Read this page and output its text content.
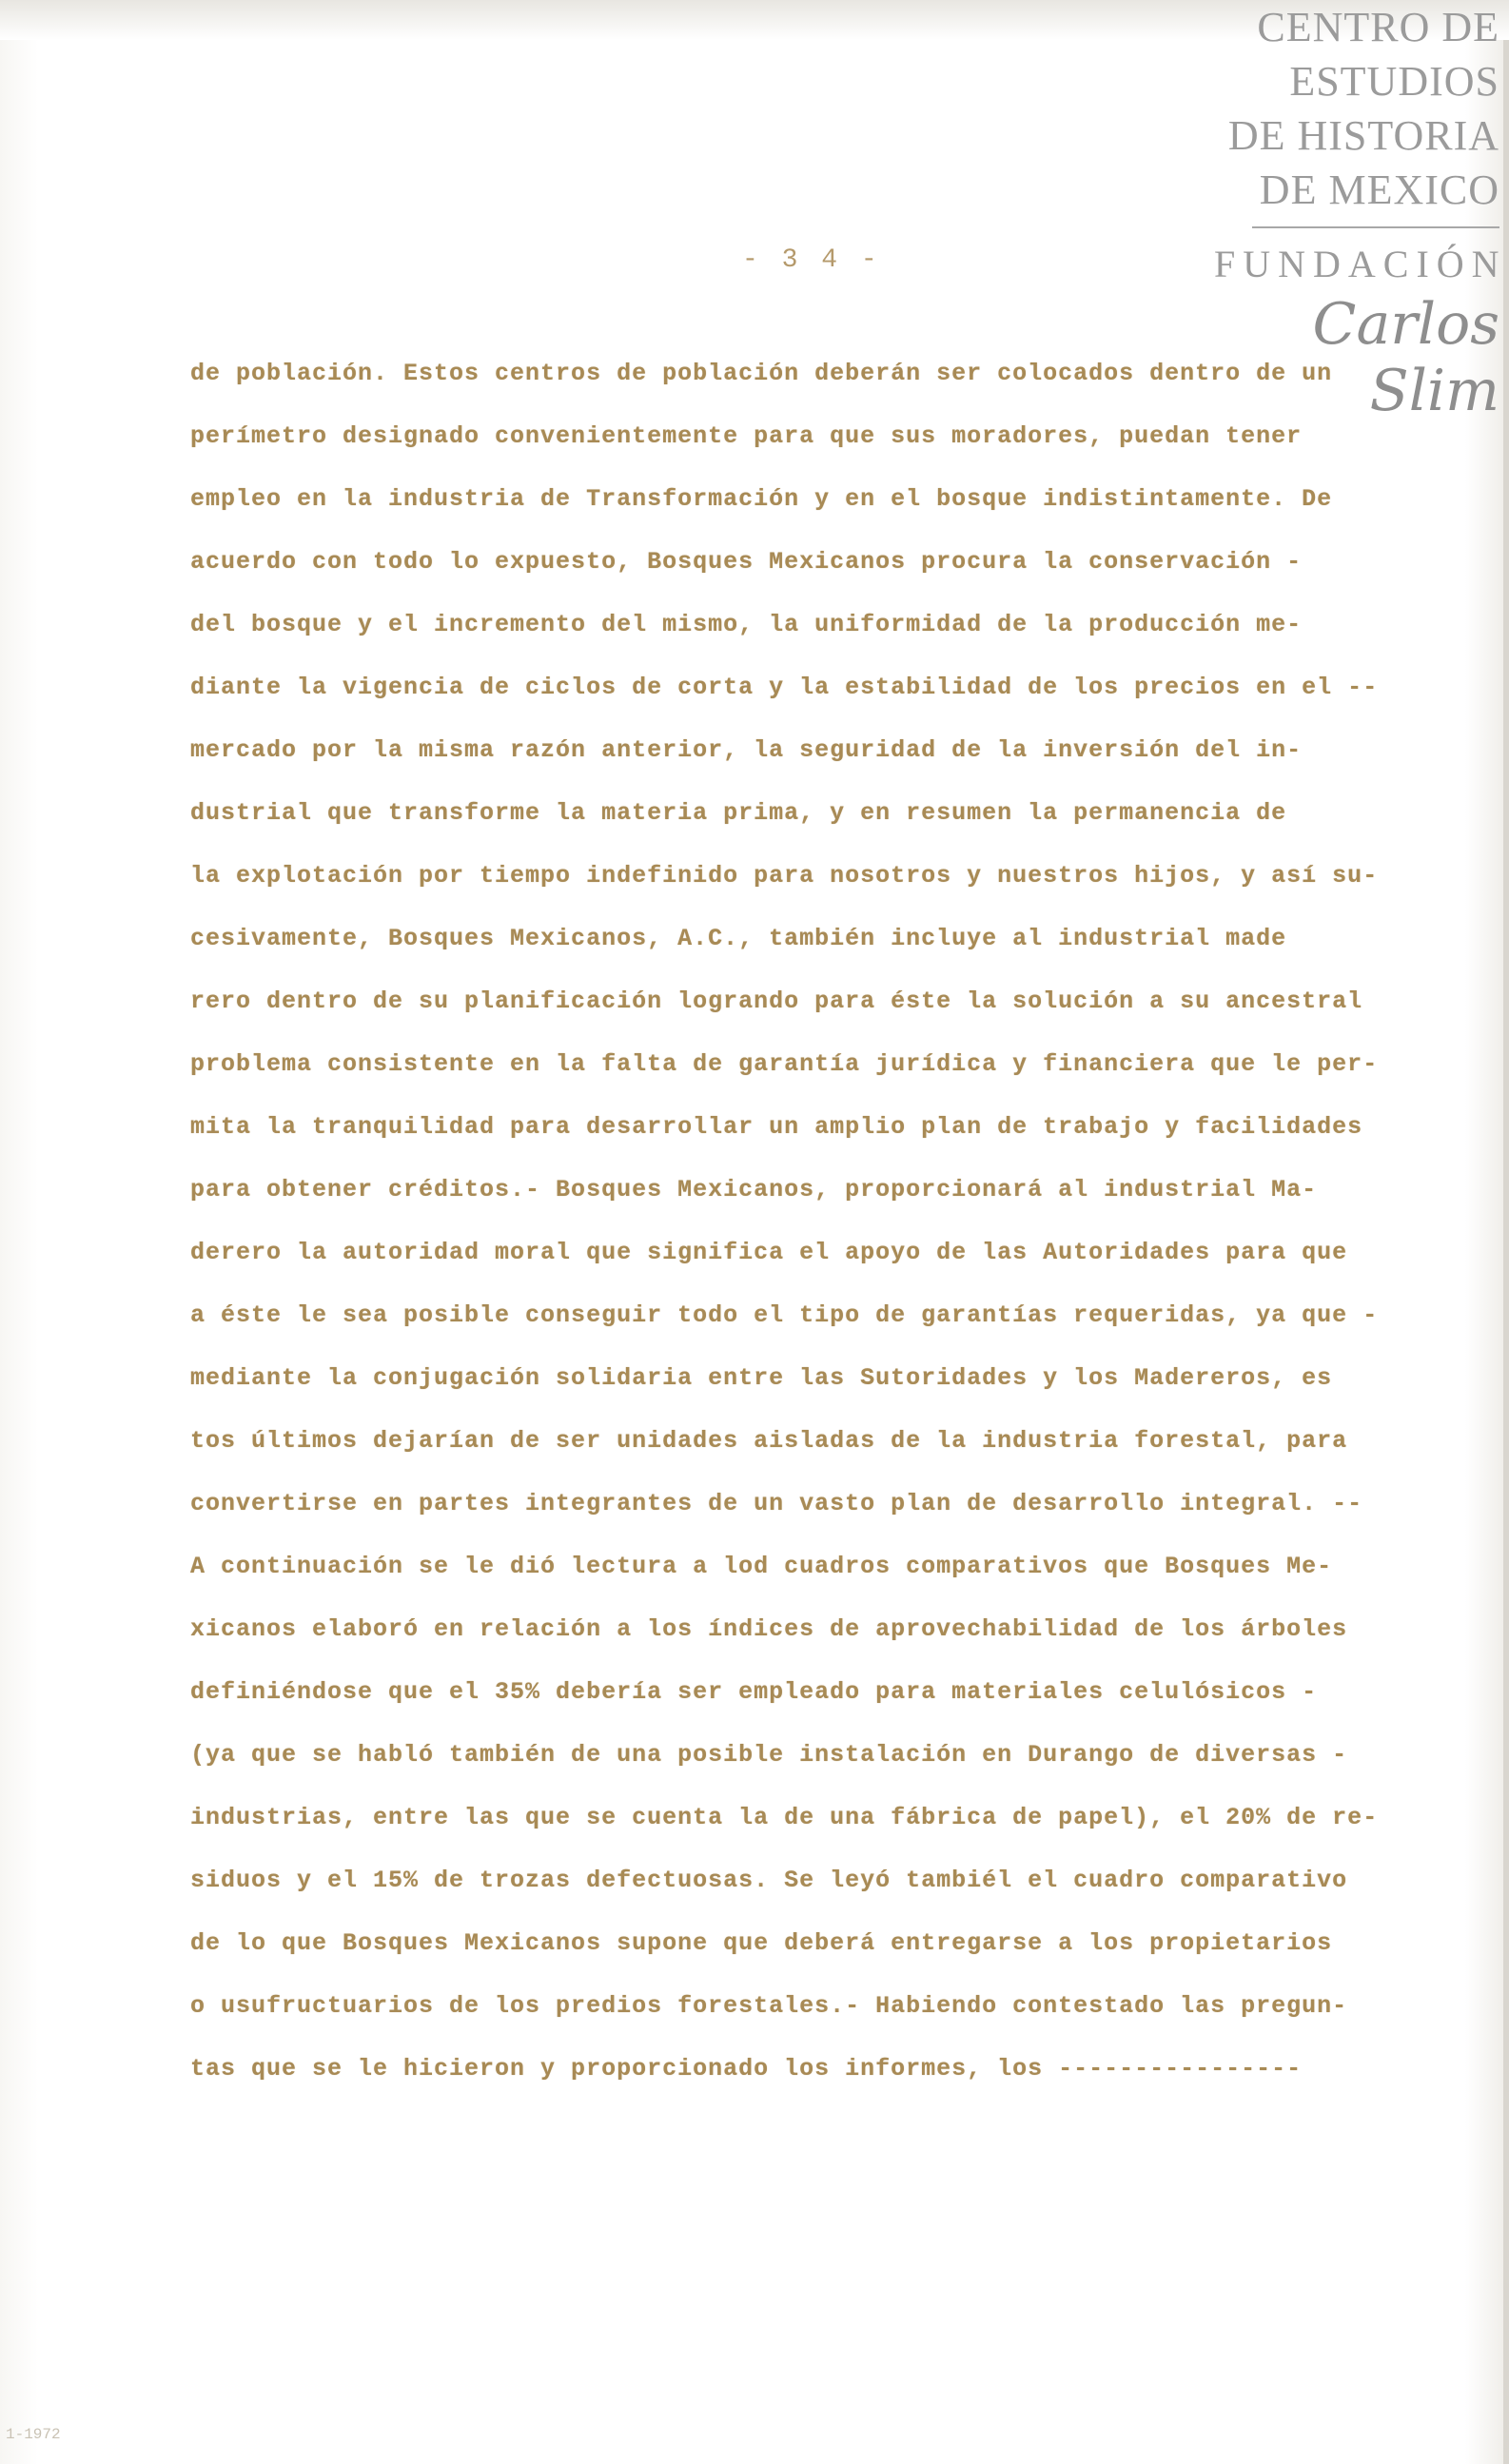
CENTRO DE
ESTUDIOS
DE HISTORIA
DE MEXICO
FUNDACIÓN
Carlos Slim
- 3 4 -
de población. Estos centros de población deberán ser colocados dentro de un
perímetro designado convenientemente para que sus moradores, puedan tener
empleo en la industria de Transformación y en el bosque indistintamente. De
acuerdo con todo lo expuesto, Bosques Mexicanos procura la conservación -
del bosque y el incremento del mismo, la uniformidad de la producción me-
diante la vigencia de ciclos de corta y la estabilidad de los precios en el --
mercado por la misma razón anterior, la seguridad de la inversión del in-
dustrial que transforme la materia prima, y en resumen la permanencia de
la explotación por tiempo indefinido para nosotros y nuestros hijos, y así su-
cesivamente, Bosques Mexicanos, A.C., también incluye al industrial made
rero dentro de su planificación logrando para éste la solución a su ancestral
problema consistente en la falta de garantía jurídica y financiera que le per-
mita la tranquilidad para desarrollar un amplio plan de trabajo y facilidades
para obtener créditos.- Bosques Mexicanos, proporcionará al industrial Ma-
derero la autoridad moral que significa el apoyo de las Autoridades para que
a éste le sea posible conseguir todo el tipo de garantías requeridas, ya que -
mediante la conjugación solidaria entre las Sutoridades y los Madereros, es
tos últimos dejarían de ser unidades aisladas de la industria forestal, para
convertirse en partes integrantes de un vasto plan de desarrollo integral. --
A continuación se le dió lectura a lod cuadros comparativos que Bosques Me-
xicanos elaboró en relación a los índices de aprovechabilidad de los árboles
definiéndose que el 35% debería ser empleado para materiales celulósicos -
(ya que se habló también de una posible instalación en Durango de diversas -
industrias, entre las que se cuenta la de una fábrica de papel), el 20% de re-
siduos y el 15% de trozas defectuosas. Se leyó tambiél el cuadro comparativo
de lo que Bosques Mexicanos supone que deberá entregarse a los propietarios
o usufructuarios de los predios forestales.- Habiendo contestado las pregun-
tas que se le hicieron y proporcionado los informes, los ----------------
1-1972
